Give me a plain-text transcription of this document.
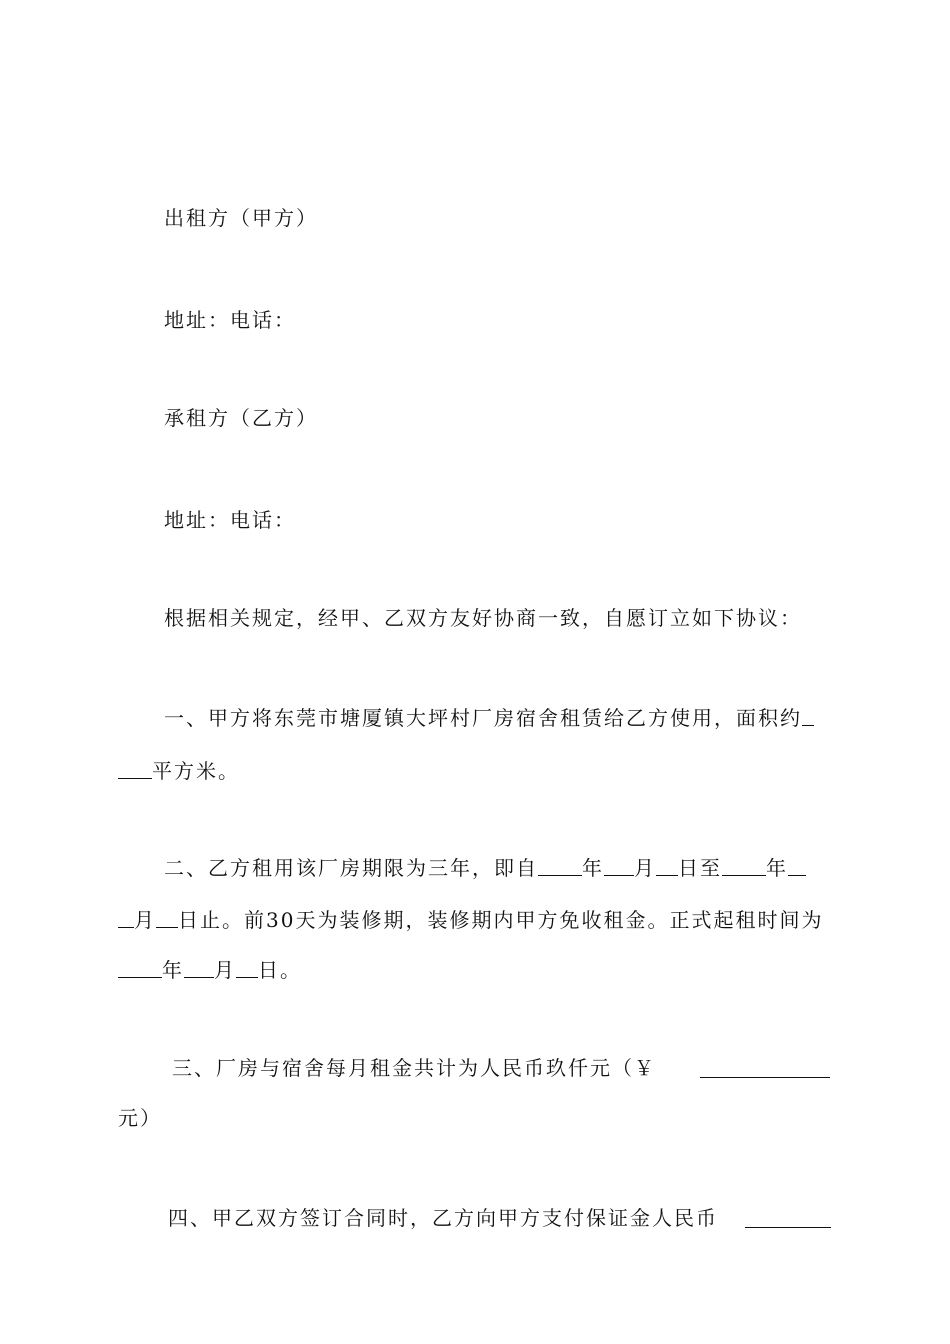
出租方（甲方）
地址：电话：
承租方（乙方）
地址：电话：
根据相关规定，经甲、乙双方友好协商一致，自愿订立如下协议：
一、甲方将东莞市塘厦镇大坪村厂房宿舍租赁给乙方使用，面积约
平方米。
二、乙方租用该厂房期限为三年，即自 年 月 日至 年
月 日止。前30天为装修期，装修期内甲方免收租金。正式起租时间为
年 月 日。
三、厂房与宿舍每月租金共计为人民币玖仟元（￥
元）
四、甲乙双方签订合同时，乙方向甲方支付保证金人民币
